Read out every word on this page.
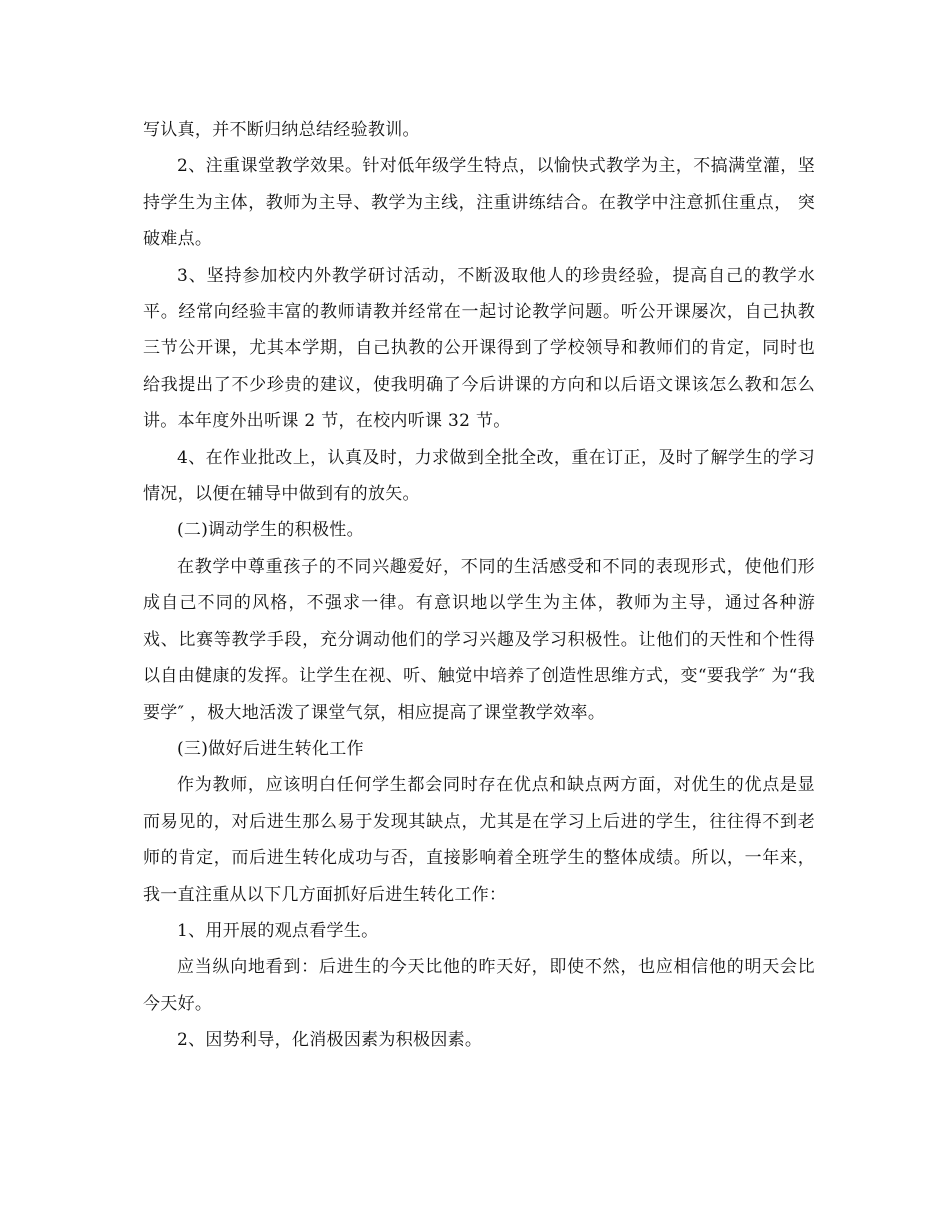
写认真，并不断归纳总结经验教训。

2、注重课堂教学效果。针对低年级学生特点，以愉快式教学为主，不搞满堂灌，坚持学生为主体，教师为主导、教学为主线，注重讲练结合。在教学中注意抓住重点， 突破难点。

3、坚持参加校内外教学研讨活动，不断汲取他人的珍贵经验，提高自己的教学水平。经常向经验丰富的教师请教并经常在一起讨论教学问题。听公开课屡次，自己执教三节公开课，尤其本学期，自己执教的公开课得到了学校领导和教师们的肯定，同时也给我提出了不少珍贵的建议，使我明确了今后讲课的方向和以后语文课该怎么教和怎么讲。本年度外出听课 2 节，在校内听课 32 节。

4、在作业批改上，认真及时，力求做到全批全改，重在订正，及时了解学生的学习情况，以便在辅导中做到有的放矢。

(二)调动学生的积极性。

在教学中尊重孩子的不同兴趣爱好，不同的生活感受和不同的表现形式，使他们形成自己不同的风格，不强求一律。有意识地以学生为主体，教师为主导，通过各种游戏、比赛等教学手段，充分调动他们的学习兴趣及学习积极性。让他们的天性和个性得以自由健康的发挥。让学生在视、听、触觉中培养了创造性思维方式，变“要我学″ 为“我要学″ ，极大地活泼了课堂气氛，相应提高了课堂教学效率。

(三)做好后进生转化工作

作为教师，应该明白任何学生都会同时存在优点和缺点两方面，对优生的优点是显而易见的，对后进生那么易于发现其缺点，尤其是在学习上后进的学生，往往得不到老师的肯定，而后进生转化成功与否，直接影响着全班学生的整体成绩。所以，一年来，我一直注重从以下几方面抓好后进生转化工作：

1、用开展的观点看学生。

应当纵向地看到：后进生的今天比他的昨天好，即使不然，也应相信他的明天会比今天好。

2、因势利导，化消极因素为积极因素。
